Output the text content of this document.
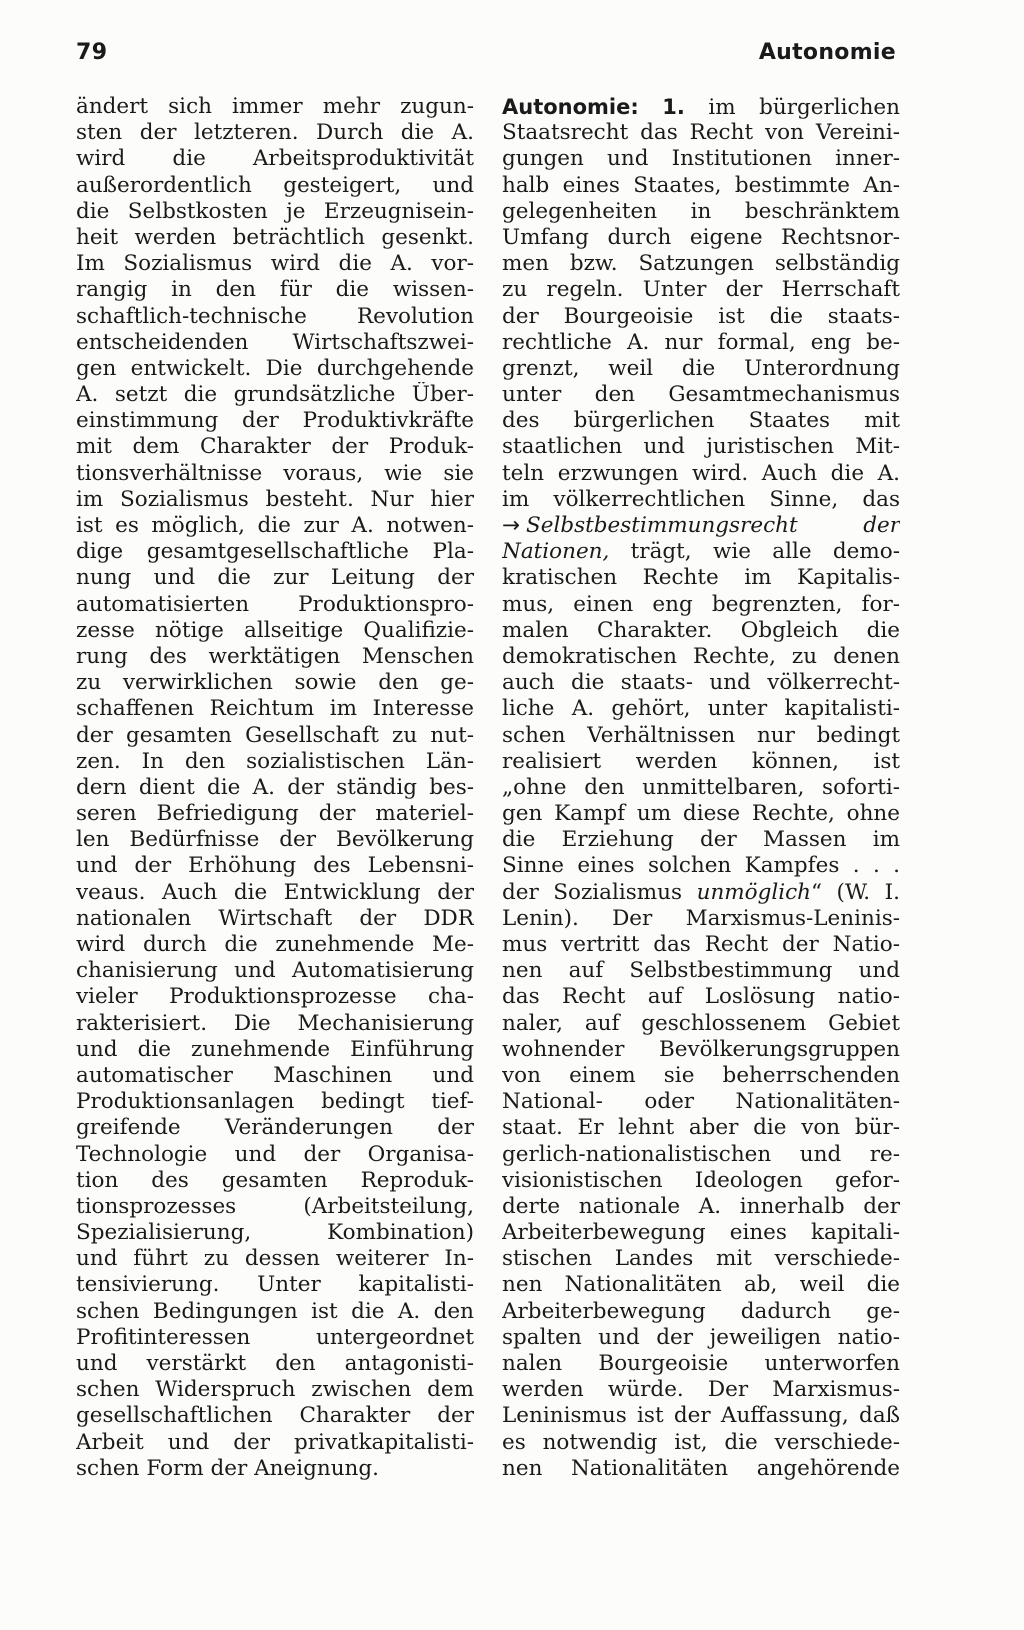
79	Autonomie
ändert sich immer mehr zugun-
sten der letzteren. Durch die A.
wird die Arbeitsproduktivität
außerordentlich gesteigert, und
die Selbstkosten je Erzeugnisein-
heit werden beträchtlich gesenkt.
Im Sozialismus wird die A. vor-
rangig in den für die wissen-
schaftlich-technische Revolution
entscheidenden Wirtschaftszwei-
gen entwickelt. Die durchgehende
A. setzt die grundsätzliche Über-
einstimmung der Produktivkräfte
mit dem Charakter der Produk-
tionsverhältnisse voraus, wie sie
im Sozialismus besteht. Nur hier
ist es möglich, die zur A. notwen-
dige gesamtgesellschaftliche Pla-
nung und die zur Leitung der
automatisierten Produktionspro-
zesse nötige allseitige Qualifizie-
rung des werktätigen Menschen
zu verwirklichen sowie den ge-
schaffenen Reichtum im Interesse
der gesamten Gesellschaft zu nut-
zen. In den sozialistischen Län-
dern dient die A. der ständig bes-
seren Befriedigung der materiel-
len Bedürfnisse der Bevölkerung
und der Erhöhung des Lebensni-
veaus. Auch die Entwicklung der
nationalen Wirtschaft der DDR
wird durch die zunehmende Me-
chanisierung und Automatisierung
vieler Produktionsprozesse cha-
rakterisiert. Die Mechanisierung
und die zunehmende Einführung
automatischer Maschinen und
Produktionsanlagen bedingt tief-
greifende Veränderungen der
Technologie und der Organisa-
tion des gesamten Reproduk-
tionsprozesses (Arbeitsteilung,
Spezialisierung, Kombination)
und führt zu dessen weiterer In-
tensivierung. Unter kapitalisti-
schen Bedingungen ist die A. den
Profitinteressen untergeordnet
und verstärkt den antagonisti-
schen Widerspruch zwischen dem
gesellschaftlichen Charakter der
Arbeit und der privatkapitalisti-
schen Form der Aneignung.
Autonomie: 1. im bürgerlichen
Staatsrecht das Recht von Vereini-
gungen und Institutionen inner-
halb eines Staates, bestimmte An-
gelegenheiten in beschränktem
Umfang durch eigene Rechtsnor-
men bzw. Satzungen selbständig
zu regeln. Unter der Herrschaft
der Bourgeoisie ist die staats-
rechtliche A. nur formal, eng be-
grenzt, weil die Unterordnung
unter den Gesamtmechanismus
des bürgerlichen Staates mit
staatlichen und juristischen Mit-
teln erzwungen wird. Auch die A.
im völkerrechtlichen Sinne, das
→ Selbstbestimmungsrecht der
Nationen, trägt, wie alle demo-
kratischen Rechte im Kapitalis-
mus, einen eng begrenzten, for-
malen Charakter. Obgleich die
demokratischen Rechte, zu denen
auch die staats- und völkerrecht-
liche A. gehört, unter kapitalisti-
schen Verhältnissen nur bedingt
realisiert werden können, ist
„ohne den unmittelbaren, soforti-
gen Kampf um diese Rechte, ohne
die Erziehung der Massen im
Sinne eines solchen Kampfes . . .
der Sozialismus unmöglich“ (W. I.
Lenin). Der Marxismus-Leninis-
mus vertritt das Recht der Natio-
nen auf Selbstbestimmung und
das Recht auf Loslösung natio-
naler, auf geschlossenem Gebiet
wohnender Bevölkerungsgruppen
von einem sie beherrschenden
National- oder Nationalitäten-
staat. Er lehnt aber die von bür-
gerlich-nationalistischen und re-
visionistischen Ideologen gefor-
derte nationale A. innerhalb der
Arbeiterbewegung eines kapitali-
stischen Landes mit verschiede-
nen Nationalitäten ab, weil die
Arbeiterbewegung dadurch ge-
spalten und der jeweiligen natio-
nalen Bourgeoisie unterworfen
werden würde. Der Marxismus-
Leninismus ist der Auffassung, daß
es notwendig ist, die verschiede-
nen Nationalitäten angehörende
